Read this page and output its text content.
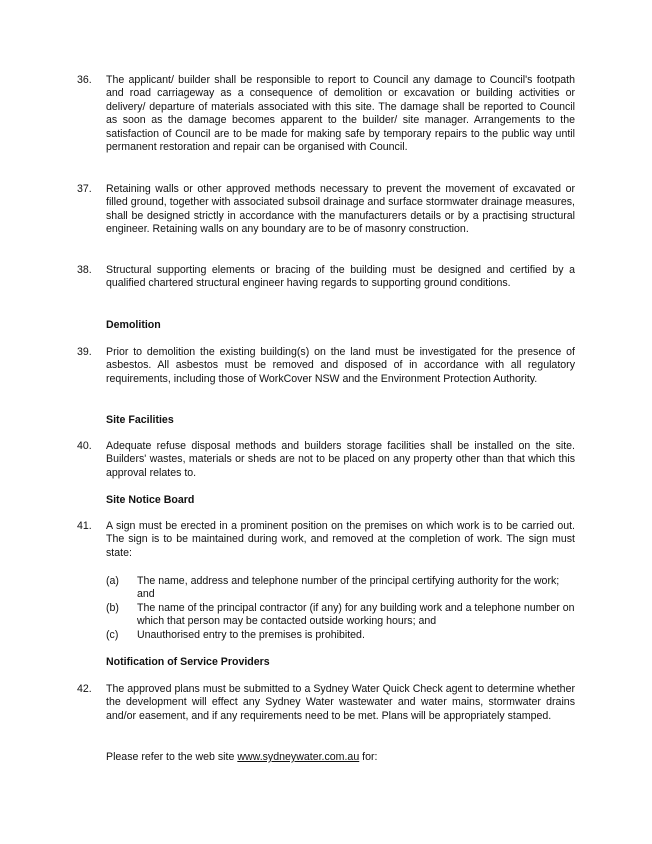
36.	The applicant/ builder shall be responsible to report to Council any damage to Council's footpath and road carriageway as a consequence of demolition or excavation or building activities or delivery/ departure of materials associated with this site. The damage shall be reported to Council as soon as the damage becomes apparent to the builder/ site manager. Arrangements to the satisfaction of Council are to be made for making safe by temporary repairs to the public way until permanent restoration and repair can be organised with Council.
37.	Retaining walls or other approved methods necessary to prevent the movement of excavated or filled ground, together with associated subsoil drainage and surface stormwater drainage measures, shall be designed strictly in accordance with the manufacturers details or by a practising structural engineer. Retaining walls on any boundary are to be of masonry construction.
38.	Structural supporting elements or bracing of the building must be designed and certified by a qualified chartered structural engineer having regards to supporting ground conditions.
Demolition
39.	Prior to demolition the existing building(s) on the land must be investigated for the presence of asbestos. All asbestos must be removed and disposed of in accordance with all regulatory requirements, including those of WorkCover NSW and the Environment Protection Authority.
Site Facilities
40.	Adequate refuse disposal methods and builders storage facilities shall be installed on the site. Builders' wastes, materials or sheds are not to be placed on any property other than that which this approval relates to.
Site Notice Board
41.	A sign must be erected in a prominent position on the premises on which work is to be carried out. The sign is to be maintained during work, and removed at the completion of work. The sign must state:
(a)	The name, address and telephone number of the principal certifying authority for the work; and
(b)	The name of the principal contractor (if any) for any building work and a telephone number on which that person may be contacted outside working hours; and
(c)	Unauthorised entry to the premises is prohibited.
Notification of Service Providers
42.	The approved plans must be submitted to a Sydney Water Quick Check agent to determine whether the development will effect any Sydney Water wastewater and water mains, stormwater drains and/or easement, and if any requirements need to be met. Plans will be appropriately stamped.
Please refer to the web site www.sydneywater.com.au for:
